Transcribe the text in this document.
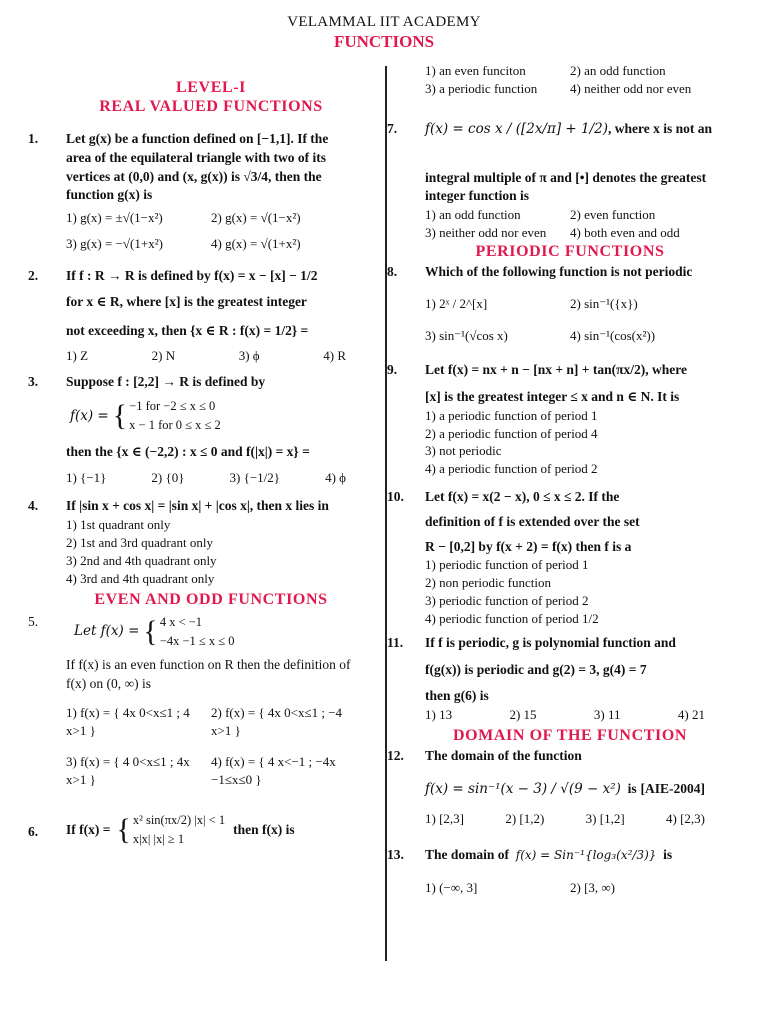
VELAMMAL IIT ACADEMY
FUNCTIONS
LEVEL-I
REAL VALUED FUNCTIONS
1. Let g(x) be a function defined on [−1,1]. If the area of the equilateral triangle with two of its vertices at (0,0) and (x, g(x)) is √3/4, then the function g(x) is
1) g(x) = ±√(1−x²)	2) g(x) = √(1−x²)
3) g(x) = −√(1+x²)	4) g(x) = √(1+x²)
2. If f : R → R is defined by f(x) = x − [x] − 1/2
for x ∈ R, where [x] is the greatest integer
not exceeding x, then {x ∈ R : f(x) = 1/2} =
1) Z	2) N	3) ϕ	4) R
3. Suppose f : [2,2] → R is defined by
f(x) = { −1 for −2 ≤ x ≤ 0
x − 1 for 0 ≤ x ≤ 2
then the {x ∈ (−2,2) : x ≤ 0 and f(|x|) = x} =
1) {−1}	2) {0}	3) {−1/2}	4) ϕ
4. If |sin x + cos x| = |sin x| + |cos x|, then x lies in
1) 1st quadrant only
2) 1st and 3rd quadrant only
3) 2nd and 4th quadrant only
4) 3rd and 4th quadrant only
EVEN AND ODD FUNCTIONS
5.
Let f(x) = { 4 x < −1
−4x −1 ≤ x ≤ 0
If f(x) is an even function on R then the definition of f(x) on (0, ∞) is
1) f(x) = { 4x 0<x≤1 ; 4 x>1 }
2) f(x) = { 4x 0<x≤1 ; −4 x>1 }
3) f(x) = { 4 0<x≤1 ; 4x x>1 }
4) f(x) = { 4 x<−1 ; −4x −1≤x≤0 }
6. If f(x) = { x² sin(πx/2) |x| < 1
x|x| |x| ≥ 1
then f(x) is
1) an even funciton	2) an odd function
3) a periodic function	4) neither odd nor even
7. f(x) = cos x / ([2x/π] + 1/2), where x is not an
integral multiple of π and [•] denotes the greatest integer function is
1) an odd function	2) even function
3) neither odd nor even	4) both even and odd
PERIODIC FUNCTIONS
8. Which of the following function is not periodic
1) 2ˣ / 2^[x]	2) sin⁻¹({x})
3) sin⁻¹(√cos x)	4) sin⁻¹(cos(x²))
9. Let f(x) = nx + n − [nx + n] + tan(πx/2), where
[x] is the greatest integer ≤ x and n ∈ N. It is
1) a periodic function of period 1
2) a periodic function of period 4
3) not periodic
4) a periodic function of period 2
10. Let f(x) = x(2 − x), 0 ≤ x ≤ 2. If the
definition of f is extended over the set
R − [0,2] by f(x + 2) = f(x) then f is a
1) periodic function of period 1
2) non periodic function
3) periodic function of period 2
4) periodic function of period 1/2
11. If f is periodic, g is polynomial function and
f(g(x)) is periodic and g(2) = 3, g(4) = 7
then g(6) is
1) 13	2) 15	3) 11	4) 21
DOMAIN OF THE FUNCTION
12. The domain of the function
f(x) = sin⁻¹(x − 3) / √(9 − x²) is [AIE-2004]
1) [2,3]	2) [1,2)	3) [1,2]	4) [2,3)
13. The domain of f(x) = Sin⁻¹{log₃(x²/3)} is
1) (−∞, 3]	2) [3, ∞)
